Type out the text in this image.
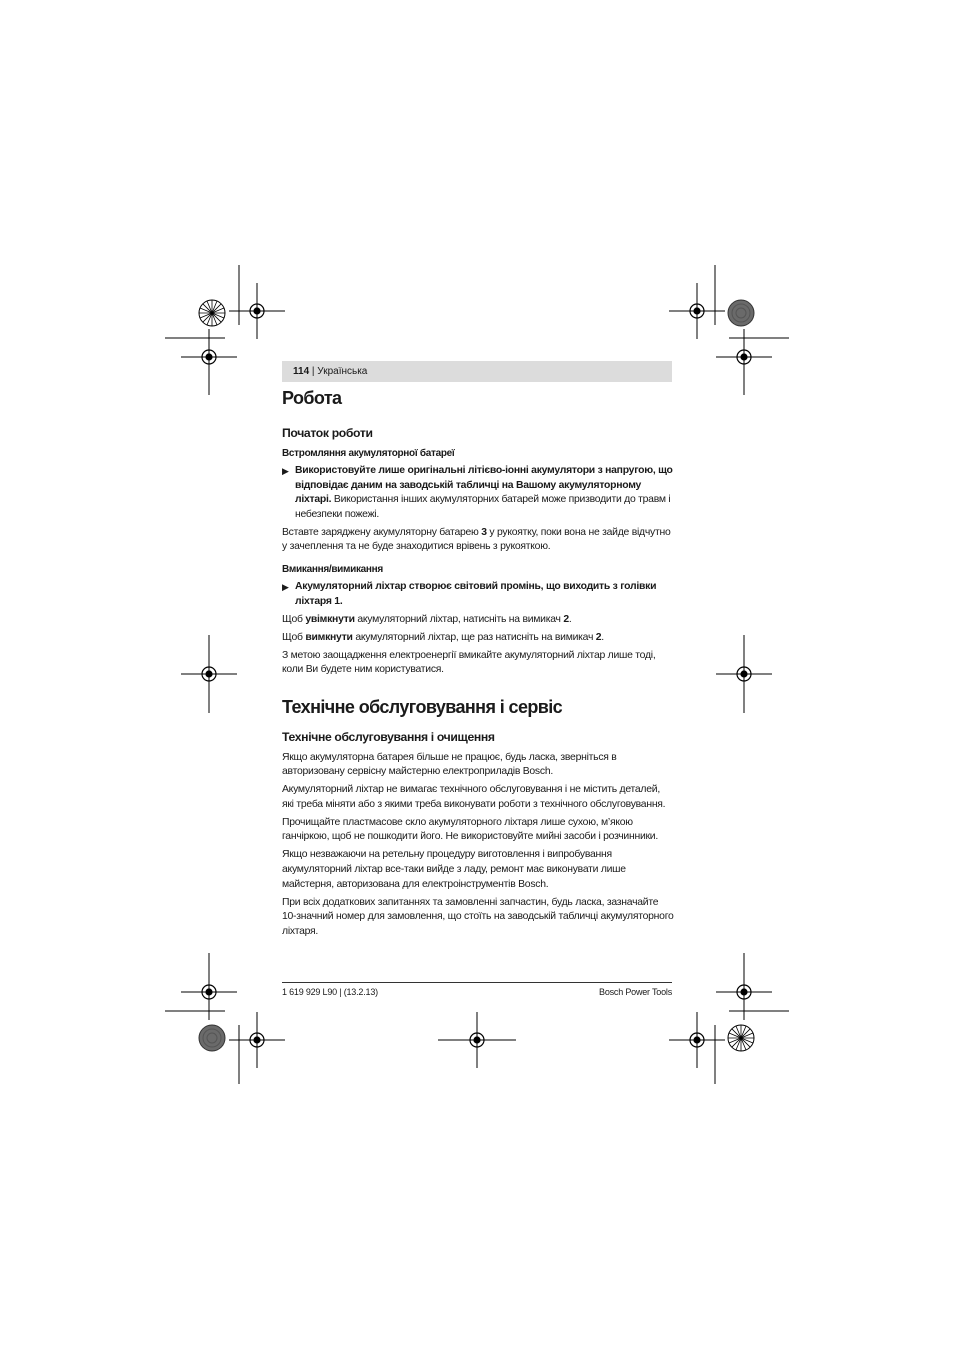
114 | Українська
Робота
Початок роботи
Встромляння акумуляторної батареї

▶ Використовуйте лише оригінальні літієво-іонні акумулятори з напругою, що відповідає даним на заводській табличці на Вашому акумуляторному ліхтарі. Використання інших акумуляторних батарей може призводити до травм і небезпеки пожежі.

Вставте заряджену акумуляторну батарею 3 у рукоятку, поки вона не зайде відчутно у зачеплення та не буде знаходитися врівень з рукояткою.

Вмикання/вимикання

▶ Акумуляторний ліхтар створює світовий промінь, що виходить з голівки ліхтаря 1.

Щоб увімкнути акумуляторний ліхтар, натисніть на вимикач 2.

Щоб вимкнути акумуляторний ліхтар, ще раз натисніть на вимикач 2.

З метою заощадження електроенергії вмикайте акумуляторний ліхтар лише тоді, коли Ви будете ним користуватися.

Технічне обслуговування і сервіс
Технічне обслуговування і очищення

Якщо акумуляторна батарея більше не працює, будь ласка, зверніться в авторизовану сервісну майстерню електроприладів Bosch.

Акумуляторний ліхтар не вимагає технічного обслуговування і не містить деталей, які треба міняти або з якими треба виконувати роботи з технічного обслуговування.

Прочищайте пластмасове скло акумуляторного ліхтаря лише сухою, м’якою ганчіркою, щоб не пошкодити його. Не використовуйте мийні засоби і розчинники.

Якщо незважаючи на ретельну процедуру виготовлення і випробування акумуляторний ліхтар все-таки вийде з ладу, ремонт має виконувати лише майстерня, авторизована для електроінструментів Bosch.

При всіх додаткових запитаннях та замовленні запчастин, будь ласка, зазначайте 10-значний номер для замовлення, що стоїть на заводській табличці акумуляторного ліхтаря.

1 619 929 L90 | (13.2.13)	Bosch Power Tools
